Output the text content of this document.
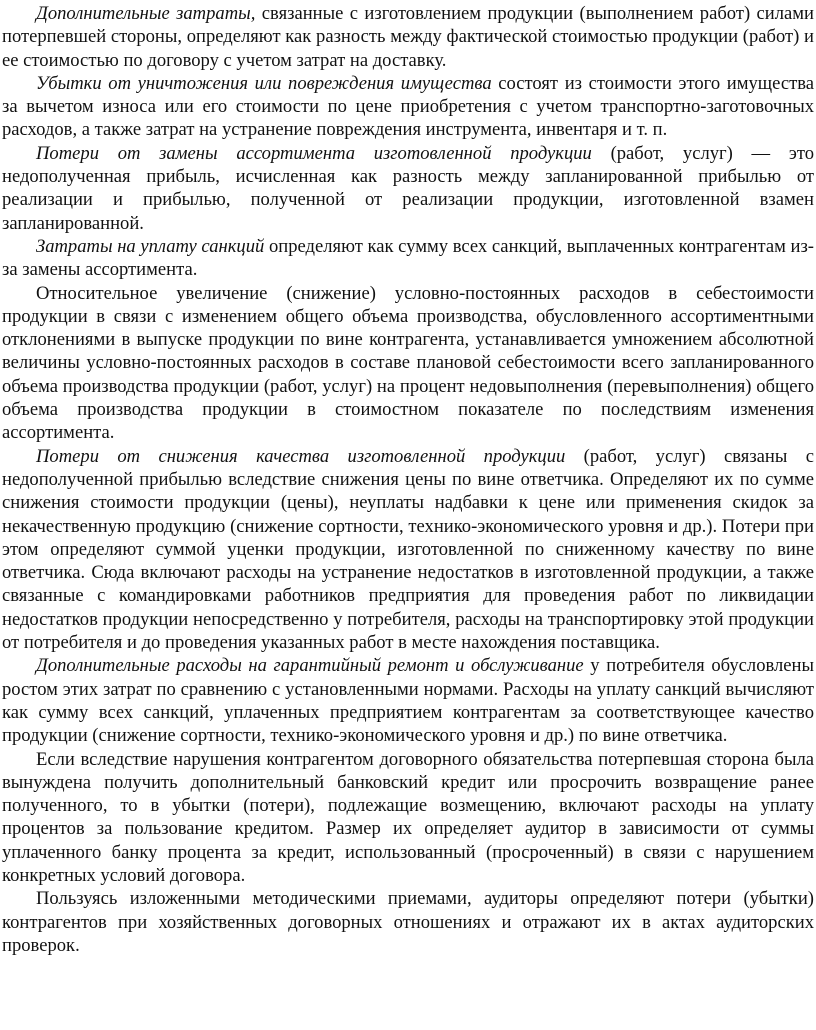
Дополнительные затраты, связанные с изготовлением продукции (выполнением работ) силами потерпевшей стороны, определяют как разность между фактической стоимостью продукции (работ) и ее стоимостью по договору с учетом затрат на доставку.

Убытки от уничтожения или повреждения имущества состоят из стоимости этого имущества за вычетом износа или его стоимости по цене приобретения с учетом транспортно-заготовочных расходов, а также затрат на устранение повреждения инструмента, инвентаря и т. п.

Потери от замены ассортимента изготовленной продукции (работ, услуг) — это недополученная прибыль, исчисленная как разность между запланированной прибылью от реализации и прибылью, полученной от реализации продукции, изготовленной взамен запланированной.

Затраты на уплату санкций определяют как сумму всех санкций, выплаченных контрагентам из-за замены ассортимента.

Относительное увеличение (снижение) условно-постоянных расходов в себестоимости продукции в связи с изменением общего объема производства, обусловленного ассортиментными отклонениями в выпуске продукции по вине контрагента, устанавливается умножением абсолютной величины условно-постоянных расходов в составе плановой себестоимости всего запланированного объема производства продукции (работ, услуг) на процент недовыполнения (перевыполнения) общего объема производства продукции в стоимостном показателе по последствиям изменения ассортимента.

Потери от снижения качества изготовленной продукции (работ, услуг) связаны с недополученной прибылью вследствие снижения цены по вине ответчика. Определяют их по сумме снижения стоимости продукции (цены), неуплаты надбавки к цене или применения скидок за некачественную продукцию (снижение сортности, технико-экономического уровня и др.). Потери при этом определяют суммой уценки продукции, изготовленной по сниженному качеству по вине ответчика. Сюда включают расходы на устранение недостатков в изготовленной продукции, а также связанные с командировками работников предприятия для проведения работ по ликвидации недостатков продукции непосредственно у потребителя, расходы на транспортировку этой продукции от потребителя и до проведения указанных работ в месте нахождения поставщика.

Дополнительные расходы на гарантийный ремонт и обслуживание у потребителя обусловлены ростом этих затрат по сравнению с установленными нормами. Расходы на уплату санкций вычисляют как сумму всех санкций, уплаченных предприятием контрагентам за соответствующее качество продукции (снижение сортности, технико-экономического уровня и др.) по вине ответчика.

Если вследствие нарушения контрагентом договорного обязательства потерпевшая сторона была вынуждена получить дополнительный банковский кредит или просрочить возвращение ранее полученного, то в убытки (потери), подлежащие возмещению, включают расходы на уплату процентов за пользование кредитом. Размер их определяет аудитор в зависимости от суммы уплаченного банку процента за кредит, использованный (просроченный) в связи с нарушением конкретных условий договора.

Пользуясь изложенными методическими приемами, аудиторы определяют потери (убытки) контрагентов при хозяйственных договорных отношениях и отражают их в актах аудиторских проверок.
